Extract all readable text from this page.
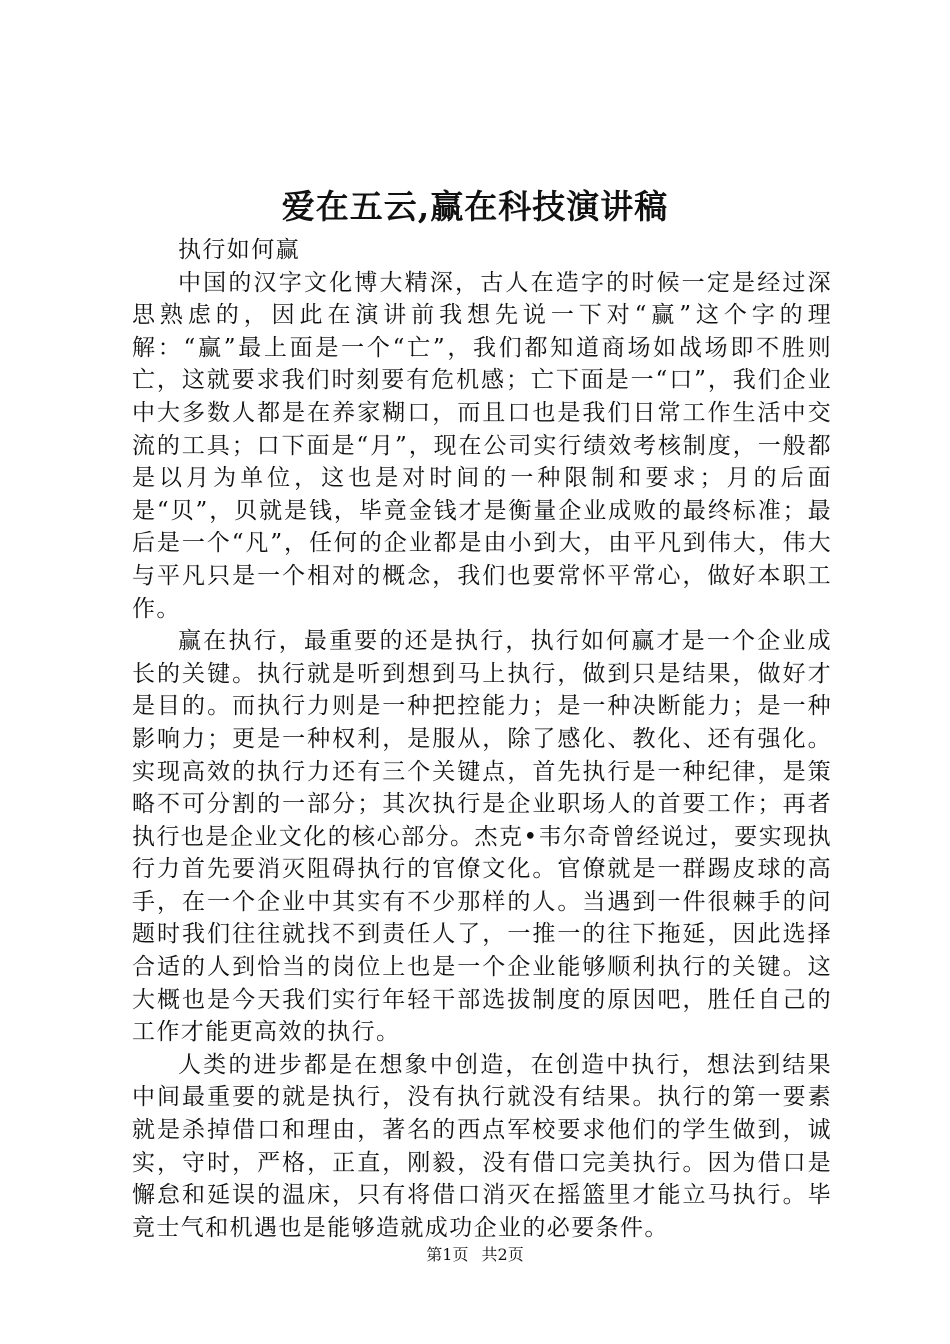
爱在五云,赢在科技演讲稿

执行如何赢

中国的汉字文化博大精深，古人在造字的时候一定是经过深思熟虑的，因此在演讲前我想先说一下对“赢”这个字的理解：“赢”最上面是一个“亡”，我们都知道商场如战场即不胜则亡，这就要求我们时刻要有危机感；亡下面是一“口”，我们企业中大多数人都是在养家糊口，而且口也是我们日常工作生活中交流的工具；口下面是“月”，现在公司实行绩效考核制度，一般都是以月为单位，这也是对时间的一种限制和要求；月的后面是“贝”，贝就是钱，毕竟金钱才是衡量企业成败的最终标准；最后是一个“凡”，任何的企业都是由小到大，由平凡到伟大，伟大与平凡只是一个相对的概念，我们也要常怀平常心，做好本职工作。

赢在执行，最重要的还是执行，执行如何赢才是一个企业成长的关键。执行就是听到想到马上执行，做到只是结果，做好才是目的。而执行力则是一种把控能力；是一种决断能力；是一种影响力；更是一种权利，是服从，除了感化、教化、还有强化。实现高效的执行力还有三个关键点，首先执行是一种纪律，是策略不可分割的一部分；其次执行是企业职场人的首要工作；再者执行也是企业文化的核心部分。杰克•韦尔奇曾经说过，要实现执行力首先要消灭阻碍执行的官僚文化。官僚就是一群踢皮球的高手，在一个企业中其实有不少那样的人。当遇到一件很棘手的问题时我们往往就找不到责任人了，一推一的往下拖延，因此选择合适的人到恰当的岗位上也是一个企业能够顺利执行的关键。这大概也是今天我们实行年轻干部选拔制度的原因吧，胜任自己的工作才能更高效的执行。

人类的进步都是在想象中创造，在创造中执行，想法到结果中间最重要的就是执行，没有执行就没有结果。执行的第一要素就是杀掉借口和理由，著名的西点军校要求他们的学生做到，诚实，守时，严格，正直，刚毅，没有借口完美执行。因为借口是懈怠和延误的温床，只有将借口消灭在摇篮里才能立马执行。毕竟士气和机遇也是能够造就成功企业的必要条件。

第1页 共2页
